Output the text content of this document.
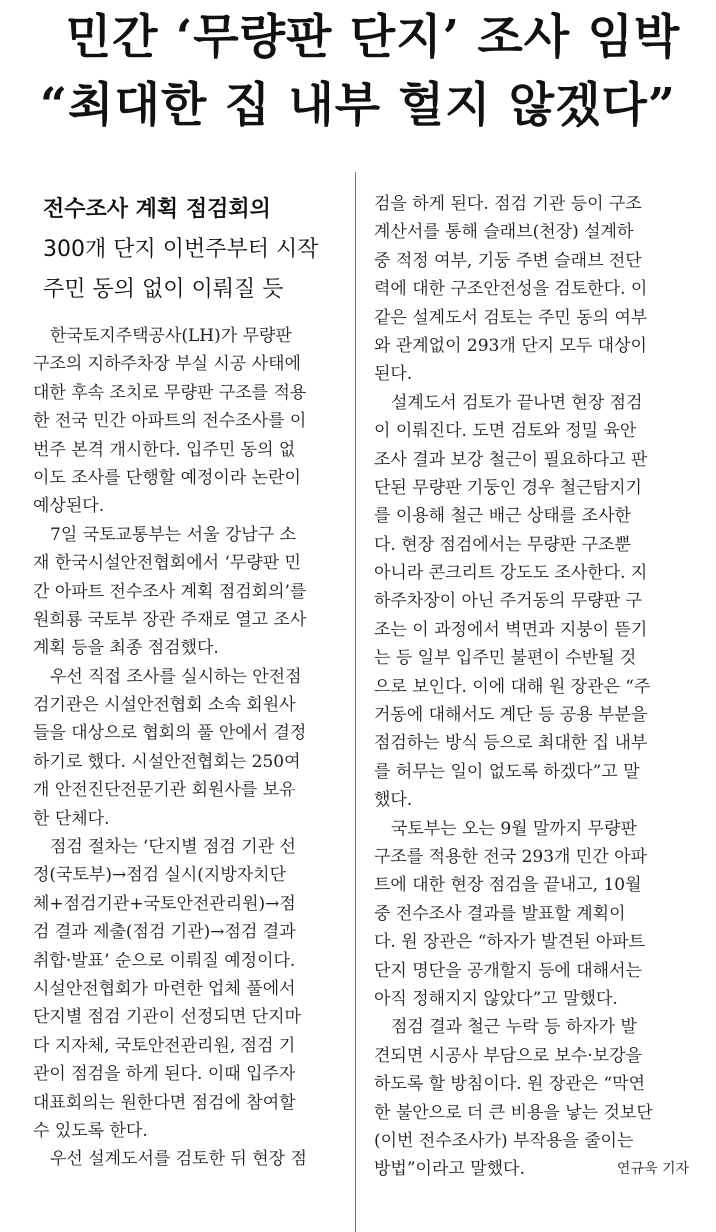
민간 ‘무량판 단지’ 조사 임박
“최대한 집 내부 헐지 않겠다”
전수조사 계획 점검회의
300개 단지 이번주부터 시작
주민 동의 없이 이뤄질 듯
한국토지주택공사(LH)가 무량판
구조의 지하주차장 부실 시공 사태에
대한 후속 조치로 무량판 구조를 적용
한 전국 민간 아파트의 전수조사를 이
번주 본격 개시한다. 입주민 동의 없
이도 조사를 단행할 예정이라 논란이
예상된다.
7일 국토교통부는 서울 강남구 소
재 한국시설안전협회에서 ‘무량판 민
간 아파트 전수조사 계획 점검회의’를
원희룡 국토부 장관 주재로 열고 조사
계획 등을 최종 점검했다.
우선 직접 조사를 실시하는 안전점
검기관은 시설안전협회 소속 회원사
들을 대상으로 협회의 풀 안에서 결정
하기로 했다. 시설안전협회는 250여
개 안전진단전문기관 회원사를 보유
한 단체다.
점검 절차는 ‘단지별 점검 기관 선
정(국토부)→점검 실시(지방자치단
체+점검기관+국토안전관리원)→점
검 결과 제출(점검 기관)→점검 결과
취합·발표’ 순으로 이뤄질 예정이다.
시설안전협회가 마련한 업체 풀에서
단지별 점검 기관이 선정되면 단지마
다 지자체, 국토안전관리원, 점검 기
관이 점검을 하게 된다. 이때 입주자
대표회의는 원한다면 점검에 참여할
수 있도록 한다.
우선 설계도서를 검토한 뒤 현장 점
검을 하게 된다. 점검 기관 등이 구조
계산서를 통해 슬래브(천장) 설계하
중 적정 여부, 기둥 주변 슬래브 전단
력에 대한 구조안전성을 검토한다. 이
같은 설계도서 검토는 주민 동의 여부
와 관계없이 293개 단지 모두 대상이
된다.
설계도서 검토가 끝나면 현장 점검
이 이뤄진다. 도면 검토와 정밀 육안
조사 결과 보강 철근이 필요하다고 판
단된 무량판 기둥인 경우 철근탐지기
를 이용해 철근 배근 상태를 조사한
다. 현장 점검에서는 무량판 구조뿐
아니라 콘크리트 강도도 조사한다. 지
하주차장이 아닌 주거동의 무량판 구
조는 이 과정에서 벽면과 지붕이 뜯기
는 등 일부 입주민 불편이 수반될 것
으로 보인다. 이에 대해 원 장관은 “주
거동에 대해서도 계단 등 공용 부분을
점검하는 방식 등으로 최대한 집 내부
를 허무는 일이 없도록 하겠다”고 말
했다.
국토부는 오는 9월 말까지 무량판
구조를 적용한 전국 293개 민간 아파
트에 대한 현장 점검을 끝내고, 10월
중 전수조사 결과를 발표할 계획이
다. 원 장관은 “하자가 발견된 아파트
단지 명단을 공개할지 등에 대해서는
아직 정해지지 않았다”고 말했다.
점검 결과 철근 누락 등 하자가 발
견되면 시공사 부담으로 보수·보강을
하도록 할 방침이다. 원 장관은 “막연
한 불안으로 더 큰 비용을 낳는 것보단
(이번 전수조사가) 부작용을 줄이는
방법”이라고 말했다.	연규욱 기자
